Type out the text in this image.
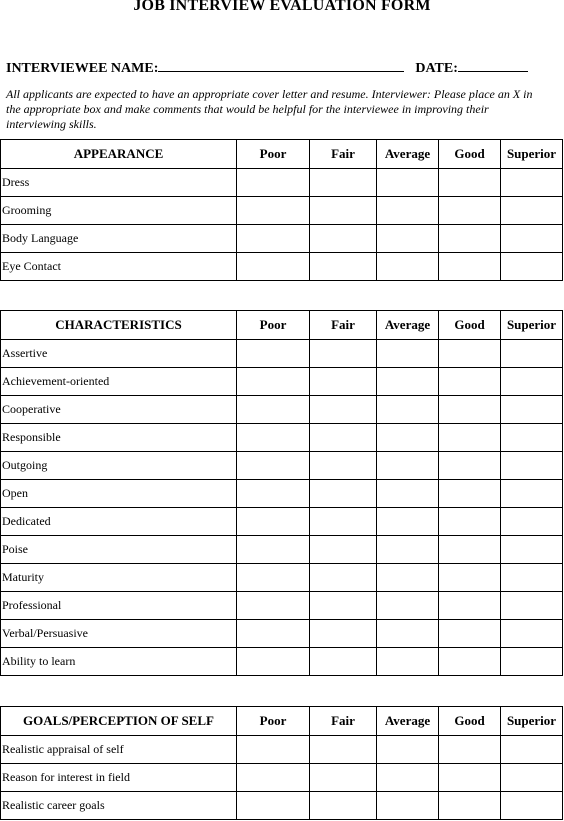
JOB INTERVIEW EVALUATION FORM
INTERVIEWEE NAME:	DATE:
All applicants are expected to have an appropriate cover letter and resume. Interviewer: Please place an X in the appropriate box and make comments that would be helpful for the interviewee in improving their interviewing skills.
APPEARANCE	Poor	Fair	Average	Good	Superior
Dress					
Grooming					
Body Language					
Eye Contact					
CHARACTERISTICS	Poor	Fair	Average	Good	Superior
Assertive					
Achievement-oriented					
Cooperative					
Responsible					
Outgoing					
Open					
Dedicated					
Poise					
Maturity					
Professional					
Verbal/Persuasive					
Ability to learn					
GOALS/PERCEPTION OF SELF	Poor	Fair	Average	Good	Superior
Realistic appraisal of self					
Reason for interest in field					
Realistic career goals					
